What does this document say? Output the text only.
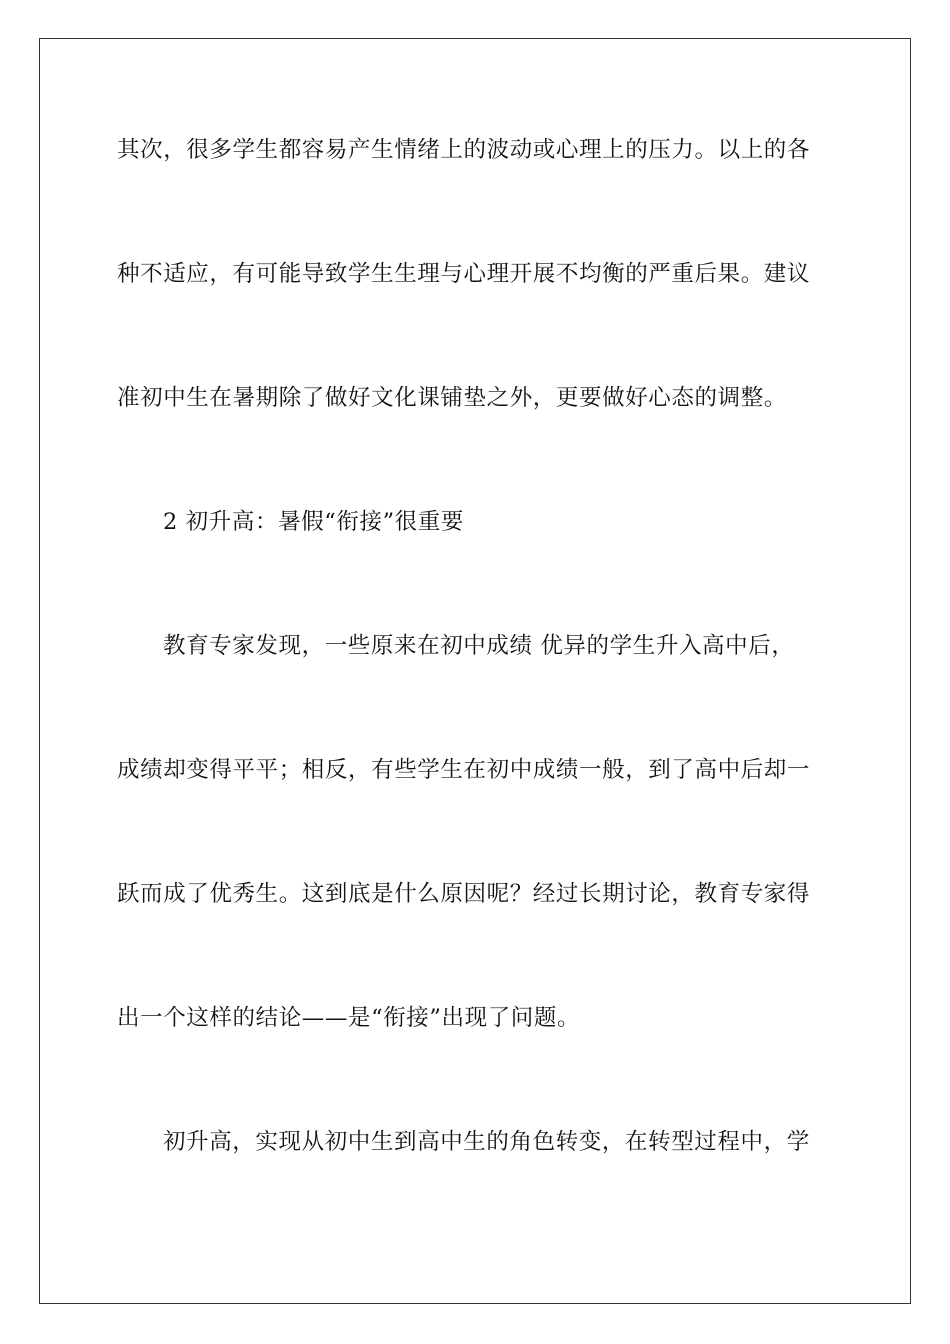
其次，很多学生都容易产生情绪上的波动或心理上的压力。以上的各
种不适应，有可能导致学生生理与心理开展不均衡的严重后果。建议
准初中生在暑期除了做好文化课铺垫之外，更要做好心态的调整。
2 初升高：暑假“衔接”很重要
教育专家发现，一些原来在初中成绩 优异的学生升入高中后，
成绩却变得平平；相反，有些学生在初中成绩一般，到了高中后却一
跃而成了优秀生。这到底是什么原因呢？经过长期讨论，教育专家得
出一个这样的结论——是“衔接”出现了问题。
初升高，实现从初中生到高中生的角色转变，在转型过程中，学
